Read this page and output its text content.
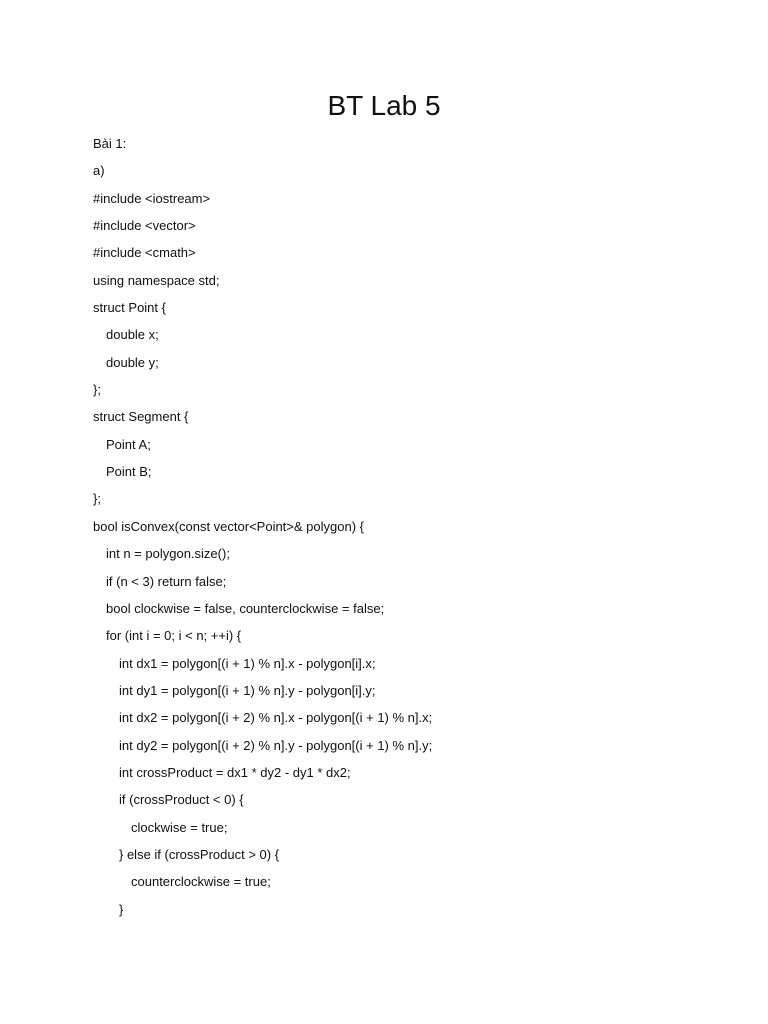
BT Lab 5
Bài 1:
a)
#include <iostream>
#include <vector>
#include <cmath>
using namespace std;
struct Point {
double x;
double y;
};
struct Segment {
Point A;
Point B;
};
bool isConvex(const vector<Point>& polygon) {
int n = polygon.size();
if (n < 3) return false;
bool clockwise = false, counterclockwise = false;
for (int i = 0; i < n; ++i) {
int dx1 = polygon[(i + 1) % n].x - polygon[i].x;
int dy1 = polygon[(i + 1) % n].y - polygon[i].y;
int dx2 = polygon[(i + 2) % n].x - polygon[(i + 1) % n].x;
int dy2 = polygon[(i + 2) % n].y - polygon[(i + 1) % n].y;
int crossProduct = dx1 * dy2 - dy1 * dx2;
if (crossProduct < 0) {
clockwise = true;
} else if (crossProduct > 0) {
counterclockwise = true;
}
